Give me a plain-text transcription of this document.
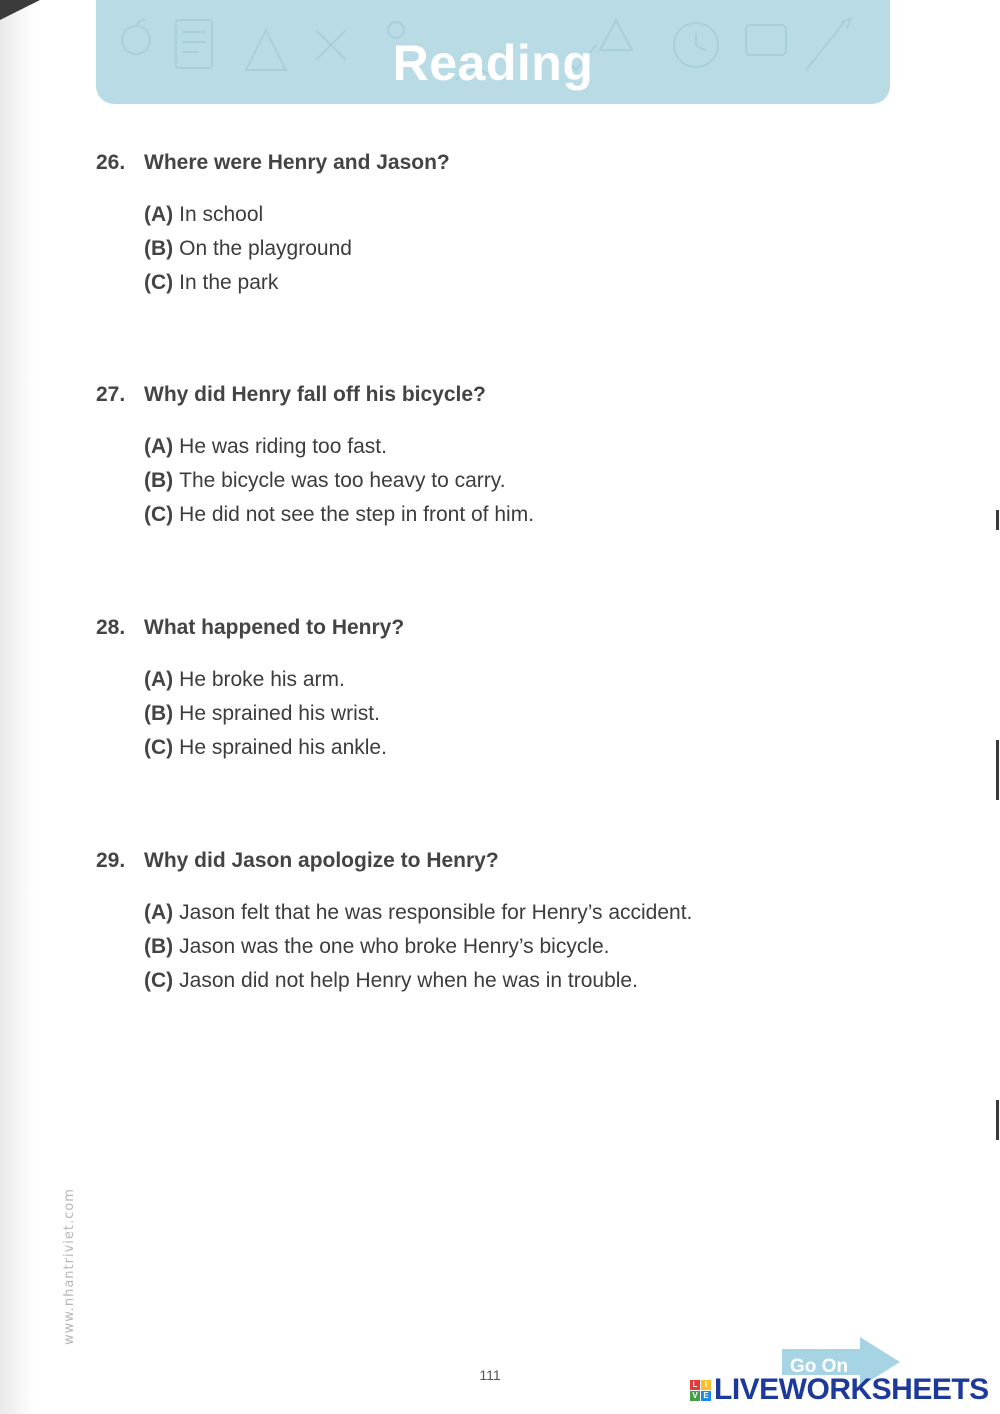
Reading
26. Where were Henry and Jason?
(A) In school
(B) On the playground
(C) In the park
27. Why did Henry fall off his bicycle?
(A) He was riding too fast.
(B) The bicycle was too heavy to carry.
(C) He did not see the step in front of him.
28. What happened to Henry?
(A) He broke his arm.
(B) He sprained his wrist.
(C) He sprained his ankle.
29. Why did Jason apologize to Henry?
(A) Jason felt that he was responsible for Henry’s accident.
(B) Jason was the one who broke Henry’s bicycle.
(C) Jason did not help Henry when he was in trouble.
www.nhantriviet.com
111	Go On
L I
V E LIVEWORKSHEETS
